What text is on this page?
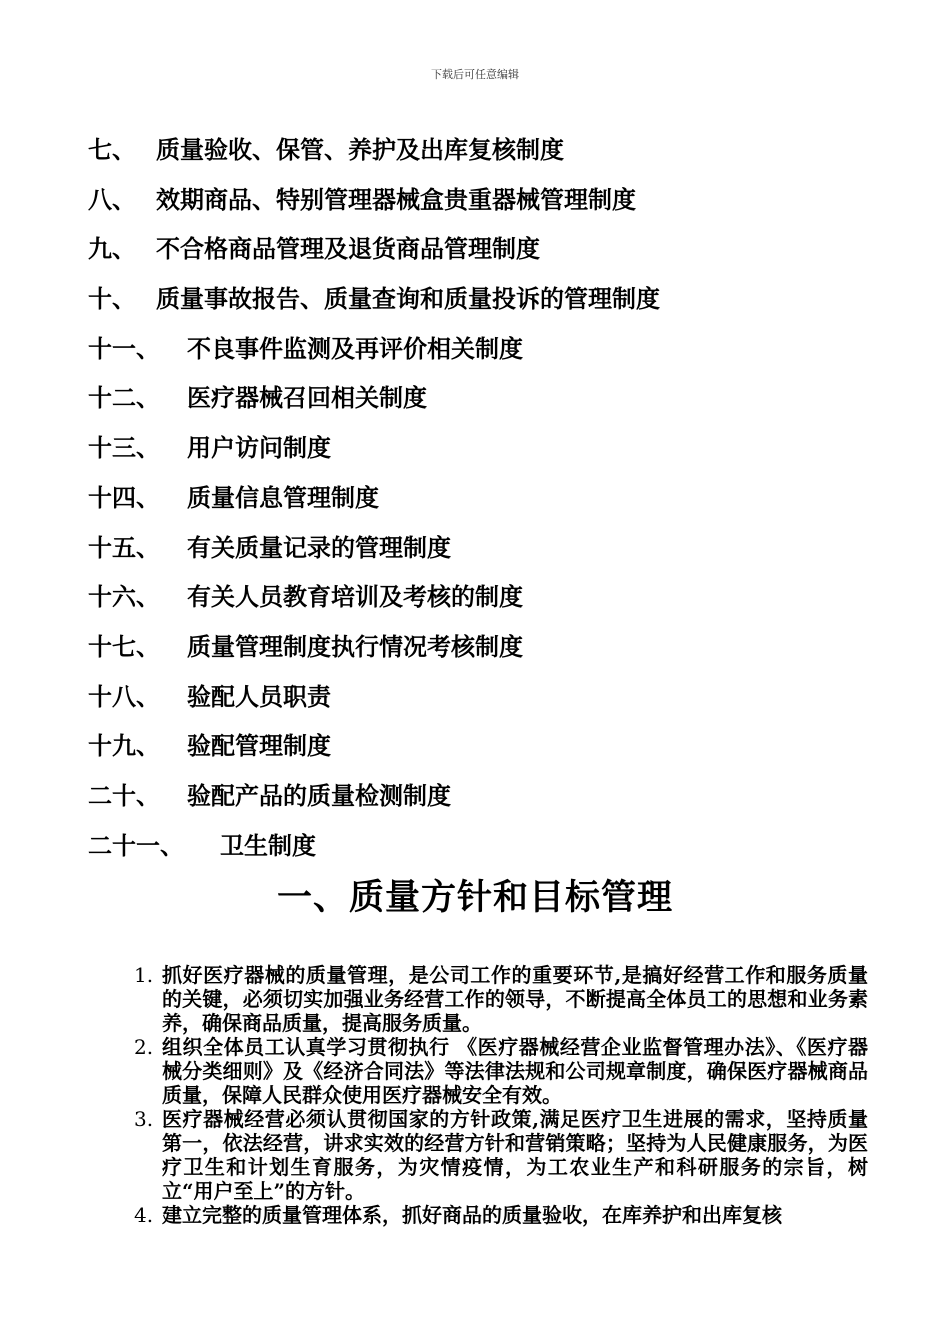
下载后可任意编辑
七、 质量验收、保管、养护及出库复核制度
八、 效期商品、特别管理器械盒贵重器械管理制度
九、 不合格商品管理及退货商品管理制度
十、 质量事故报告、质量查询和质量投诉的管理制度
十一、 不良事件监测及再评价相关制度
十二、 医疗器械召回相关制度
十三、 用户访问制度
十四、 质量信息管理制度
十五、 有关质量记录的管理制度
十六、 有关人员教育培训及考核的制度
十七、 质量管理制度执行情况考核制度
十八、 验配人员职责
十九、 验配管理制度
二十、 验配产品的质量检测制度
二十一、 卫生制度
一、质量方针和目标管理
1. 抓好医疗器械的质量管理，是公司工作的重要环节,是搞好经营工作和服务质量的关键，必须切实加强业务经营工作的领导，不断提高全体员工的思想和业务素养，确保商品质量，提高服务质量。
2. 组织全体员工认真学习贯彻执行 《医疗器械经营企业监督管理办法》、《医疗器械分类细则》及《经济合同法》等法律法规和公司规章制度，确保医疗器械商品质量，保障人民群众使用医疗器械安全有效。
3. 医疗器械经营必须认贯彻国家的方针政策,满足医疗卫生进展的需求，坚持质量第一，依法经营，讲求实效的经营方针和营销策略；坚持为人民健康服务，为医疗卫生和计划生育服务，为灾情疫情，为工农业生产和科研服务的宗旨，树立“用户至上”的方针。
4. 建立完整的质量管理体系，抓好商品的质量验收，在库养护和出库复核
